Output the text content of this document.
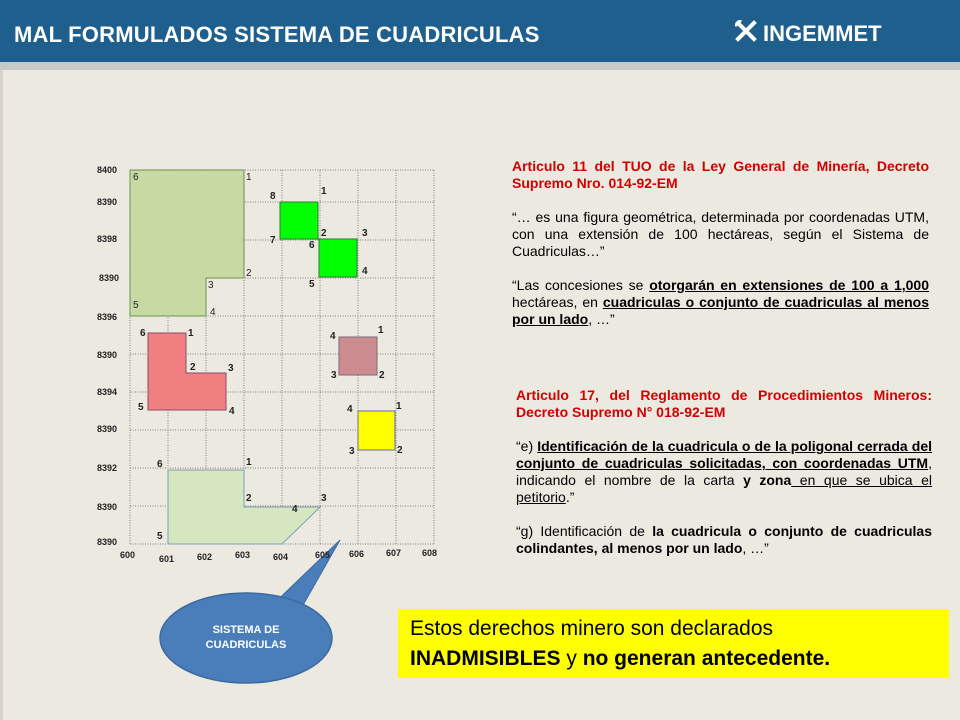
MAL FORMULADOS SISTEMA DE CUADRICULAS	INGEMMET
8400
8390
8398
8390
8396
8390
8394
8390
8392
8390
8390
600	601	602	603	604	605 606 607 608
6	1
2
3
4
5
8	1
2	3
4
5
6
7
6	1
2	3
4
5
4
1
2
3
4	1
2
3
6	1
2	3
4
5
SISTEMA DE
CUADRICULAS

Articulo 11 del TUO de la Ley General de Minería, Decreto Supremo Nro. 014-92-EM

“… es una figura geométrica, determinada por coordenadas UTM, con una extensión de 100 hectáreas, según el Sistema de Cuadriculas…”

“Las concesiones se otorgarán en extensiones de 100 a 1,000 hectáreas, en cuadriculas o conjunto de cuadriculas al menos por un lado, …”

Articulo 17, del Reglamento de Procedimientos Mineros: Decreto Supremo N° 018-92-EM

“e) Identificación de la cuadricula o de la poligonal cerrada del conjunto de cuadriculas solicitadas, con coordenadas UTM, indicando el nombre de la carta y zona en que se ubica el petitorio.”

“g) Identificación de la cuadricula o conjunto de cuadriculas colindantes, al menos por un lado, …”

Estos derechos minero son declarados
INADMISIBLES y no generan antecedente.
